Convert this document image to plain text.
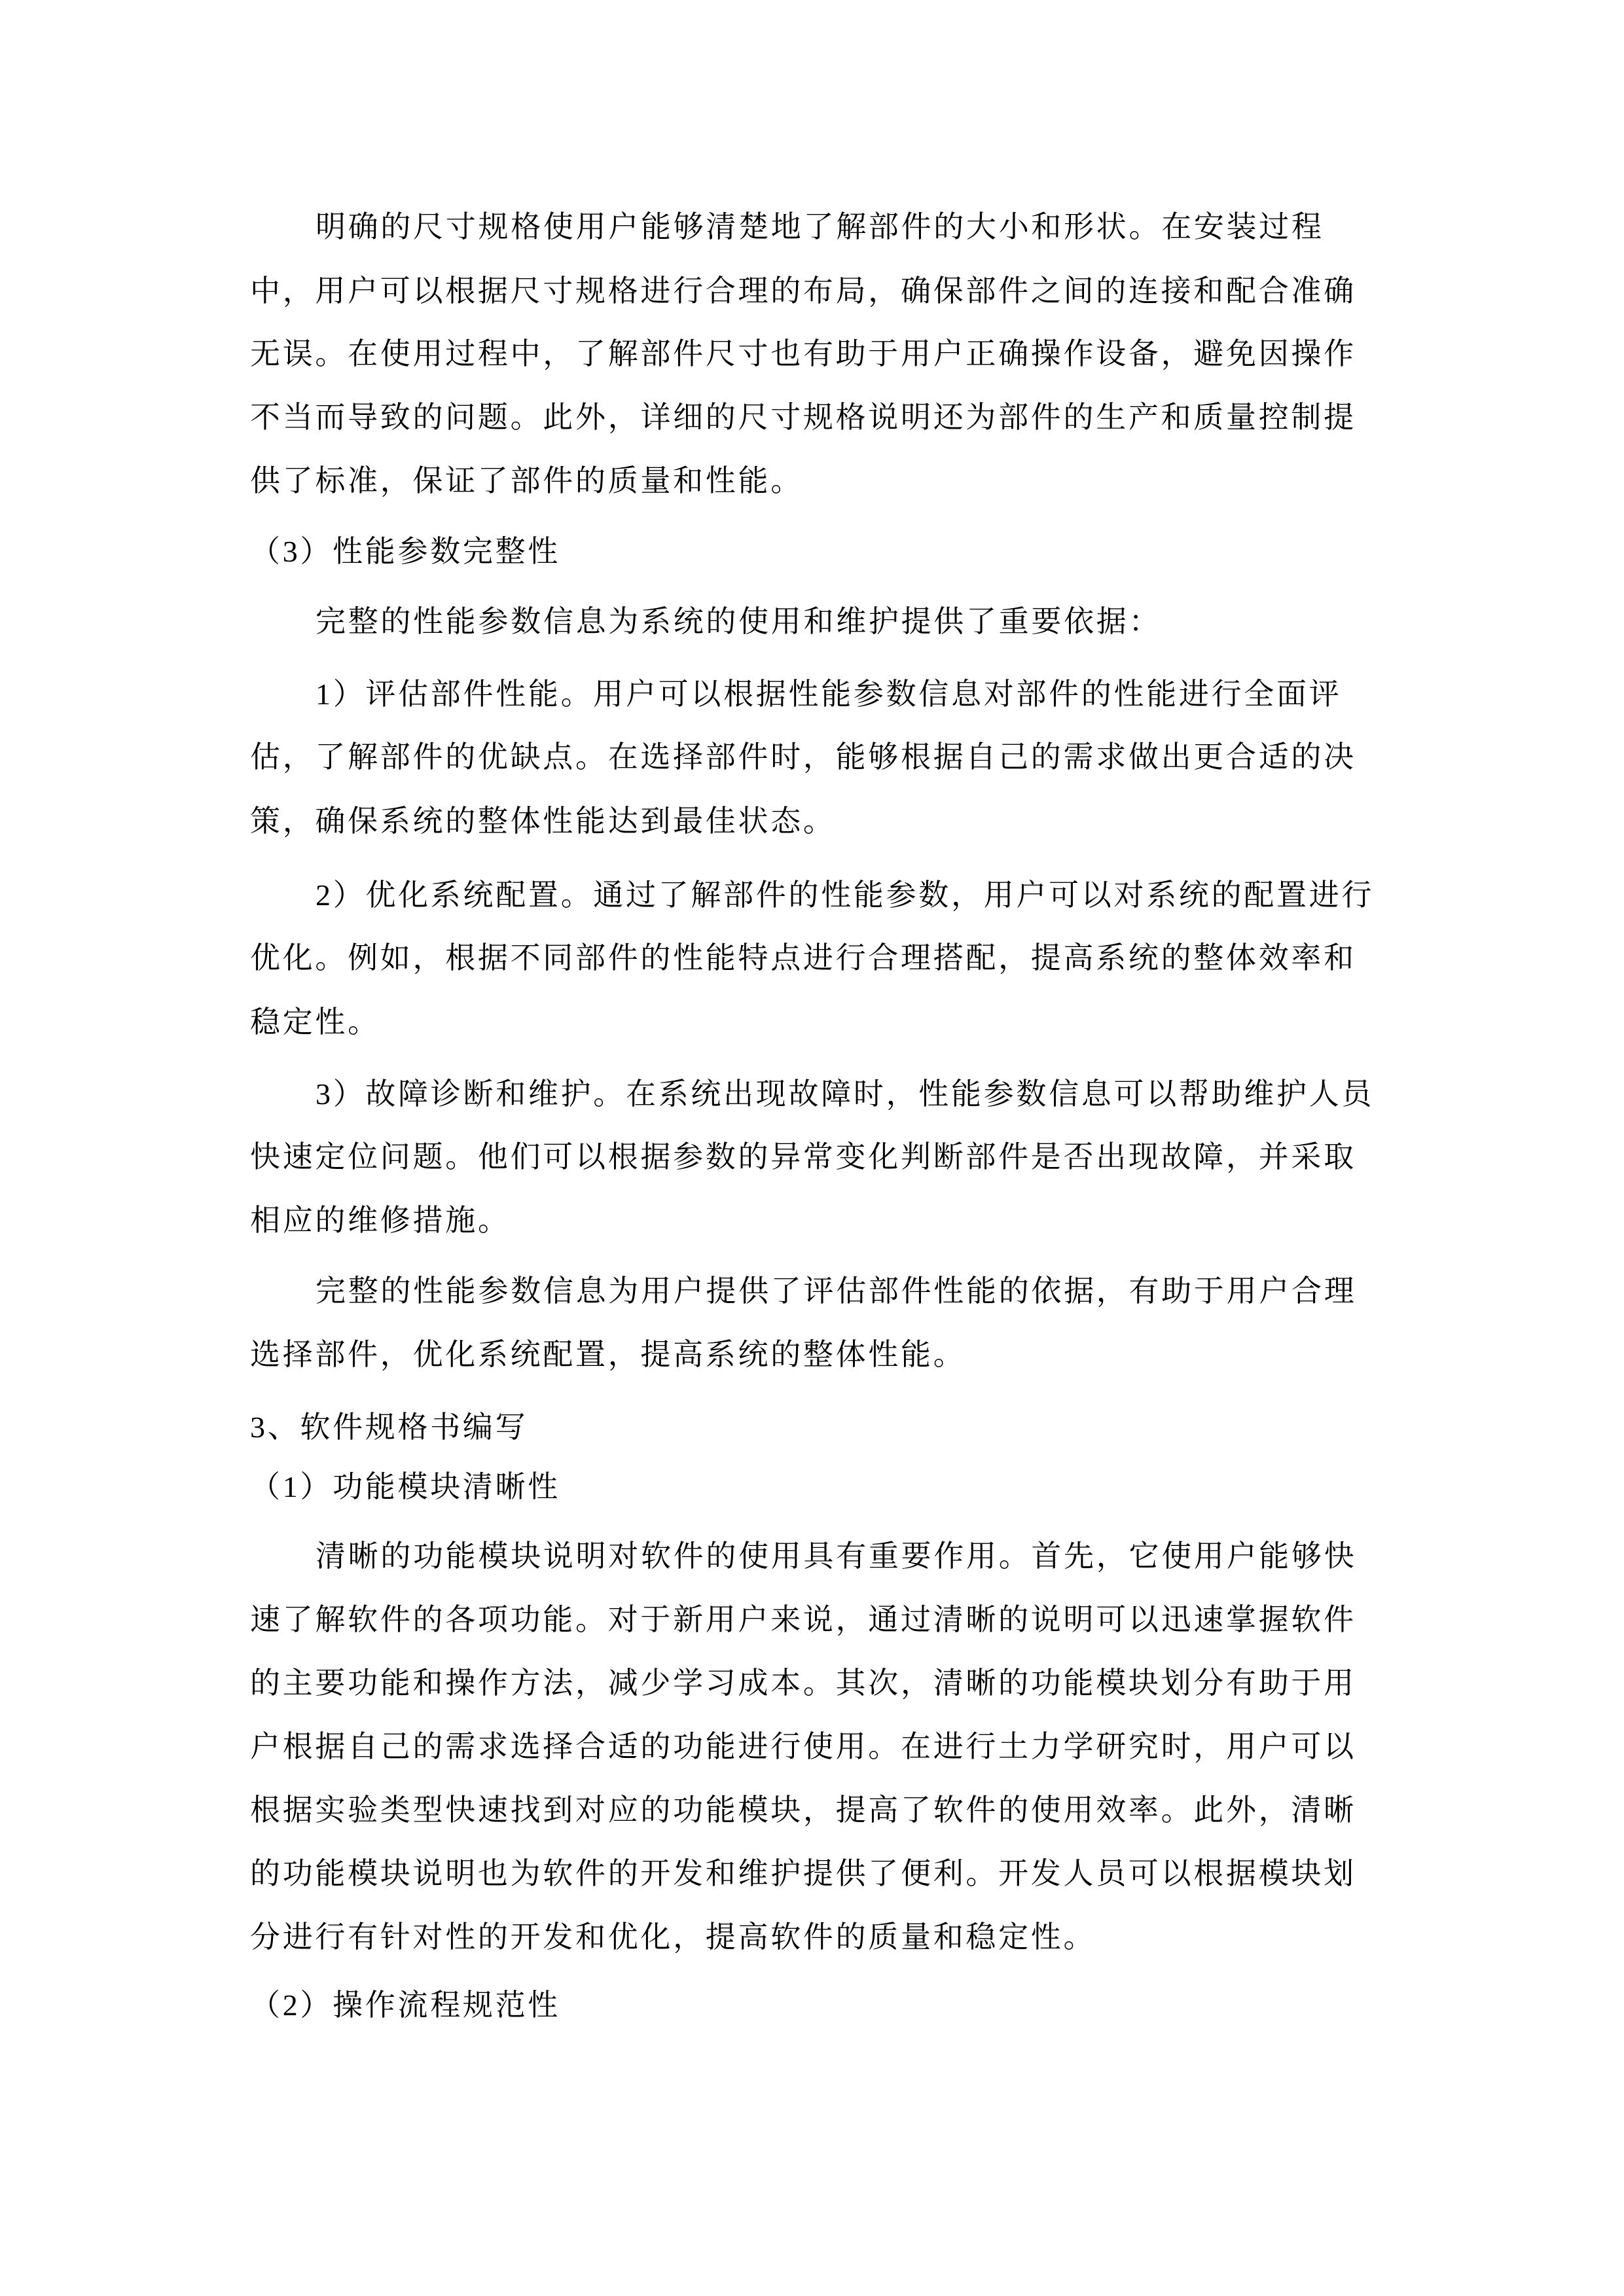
明确的尺寸规格使用户能够清楚地了解部件的大小和形状。在安装过程
中，用户可以根据尺寸规格进行合理的布局，确保部件之间的连接和配合准确
无误。在使用过程中，了解部件尺寸也有助于用户正确操作设备，避免因操作
不当而导致的问题。此外，详细的尺寸规格说明还为部件的生产和质量控制提
供了标准，保证了部件的质量和性能。
（3）性能参数完整性
完整的性能参数信息为系统的使用和维护提供了重要依据：
1）评估部件性能。用户可以根据性能参数信息对部件的性能进行全面评
估，了解部件的优缺点。在选择部件时，能够根据自己的需求做出更合适的决
策，确保系统的整体性能达到最佳状态。
2）优化系统配置。通过了解部件的性能参数，用户可以对系统的配置进行
优化。例如，根据不同部件的性能特点进行合理搭配，提高系统的整体效率和
稳定性。
3）故障诊断和维护。在系统出现故障时，性能参数信息可以帮助维护人员
快速定位问题。他们可以根据参数的异常变化判断部件是否出现故障，并采取
相应的维修措施。
完整的性能参数信息为用户提供了评估部件性能的依据，有助于用户合理
选择部件，优化系统配置，提高系统的整体性能。
3、软件规格书编写
（1）功能模块清晰性
清晰的功能模块说明对软件的使用具有重要作用。首先，它使用户能够快
速了解软件的各项功能。对于新用户来说，通过清晰的说明可以迅速掌握软件
的主要功能和操作方法，减少学习成本。其次，清晰的功能模块划分有助于用
户根据自己的需求选择合适的功能进行使用。在进行土力学研究时，用户可以
根据实验类型快速找到对应的功能模块，提高了软件的使用效率。此外，清晰
的功能模块说明也为软件的开发和维护提供了便利。开发人员可以根据模块划
分进行有针对性的开发和优化，提高软件的质量和稳定性。
（2）操作流程规范性
